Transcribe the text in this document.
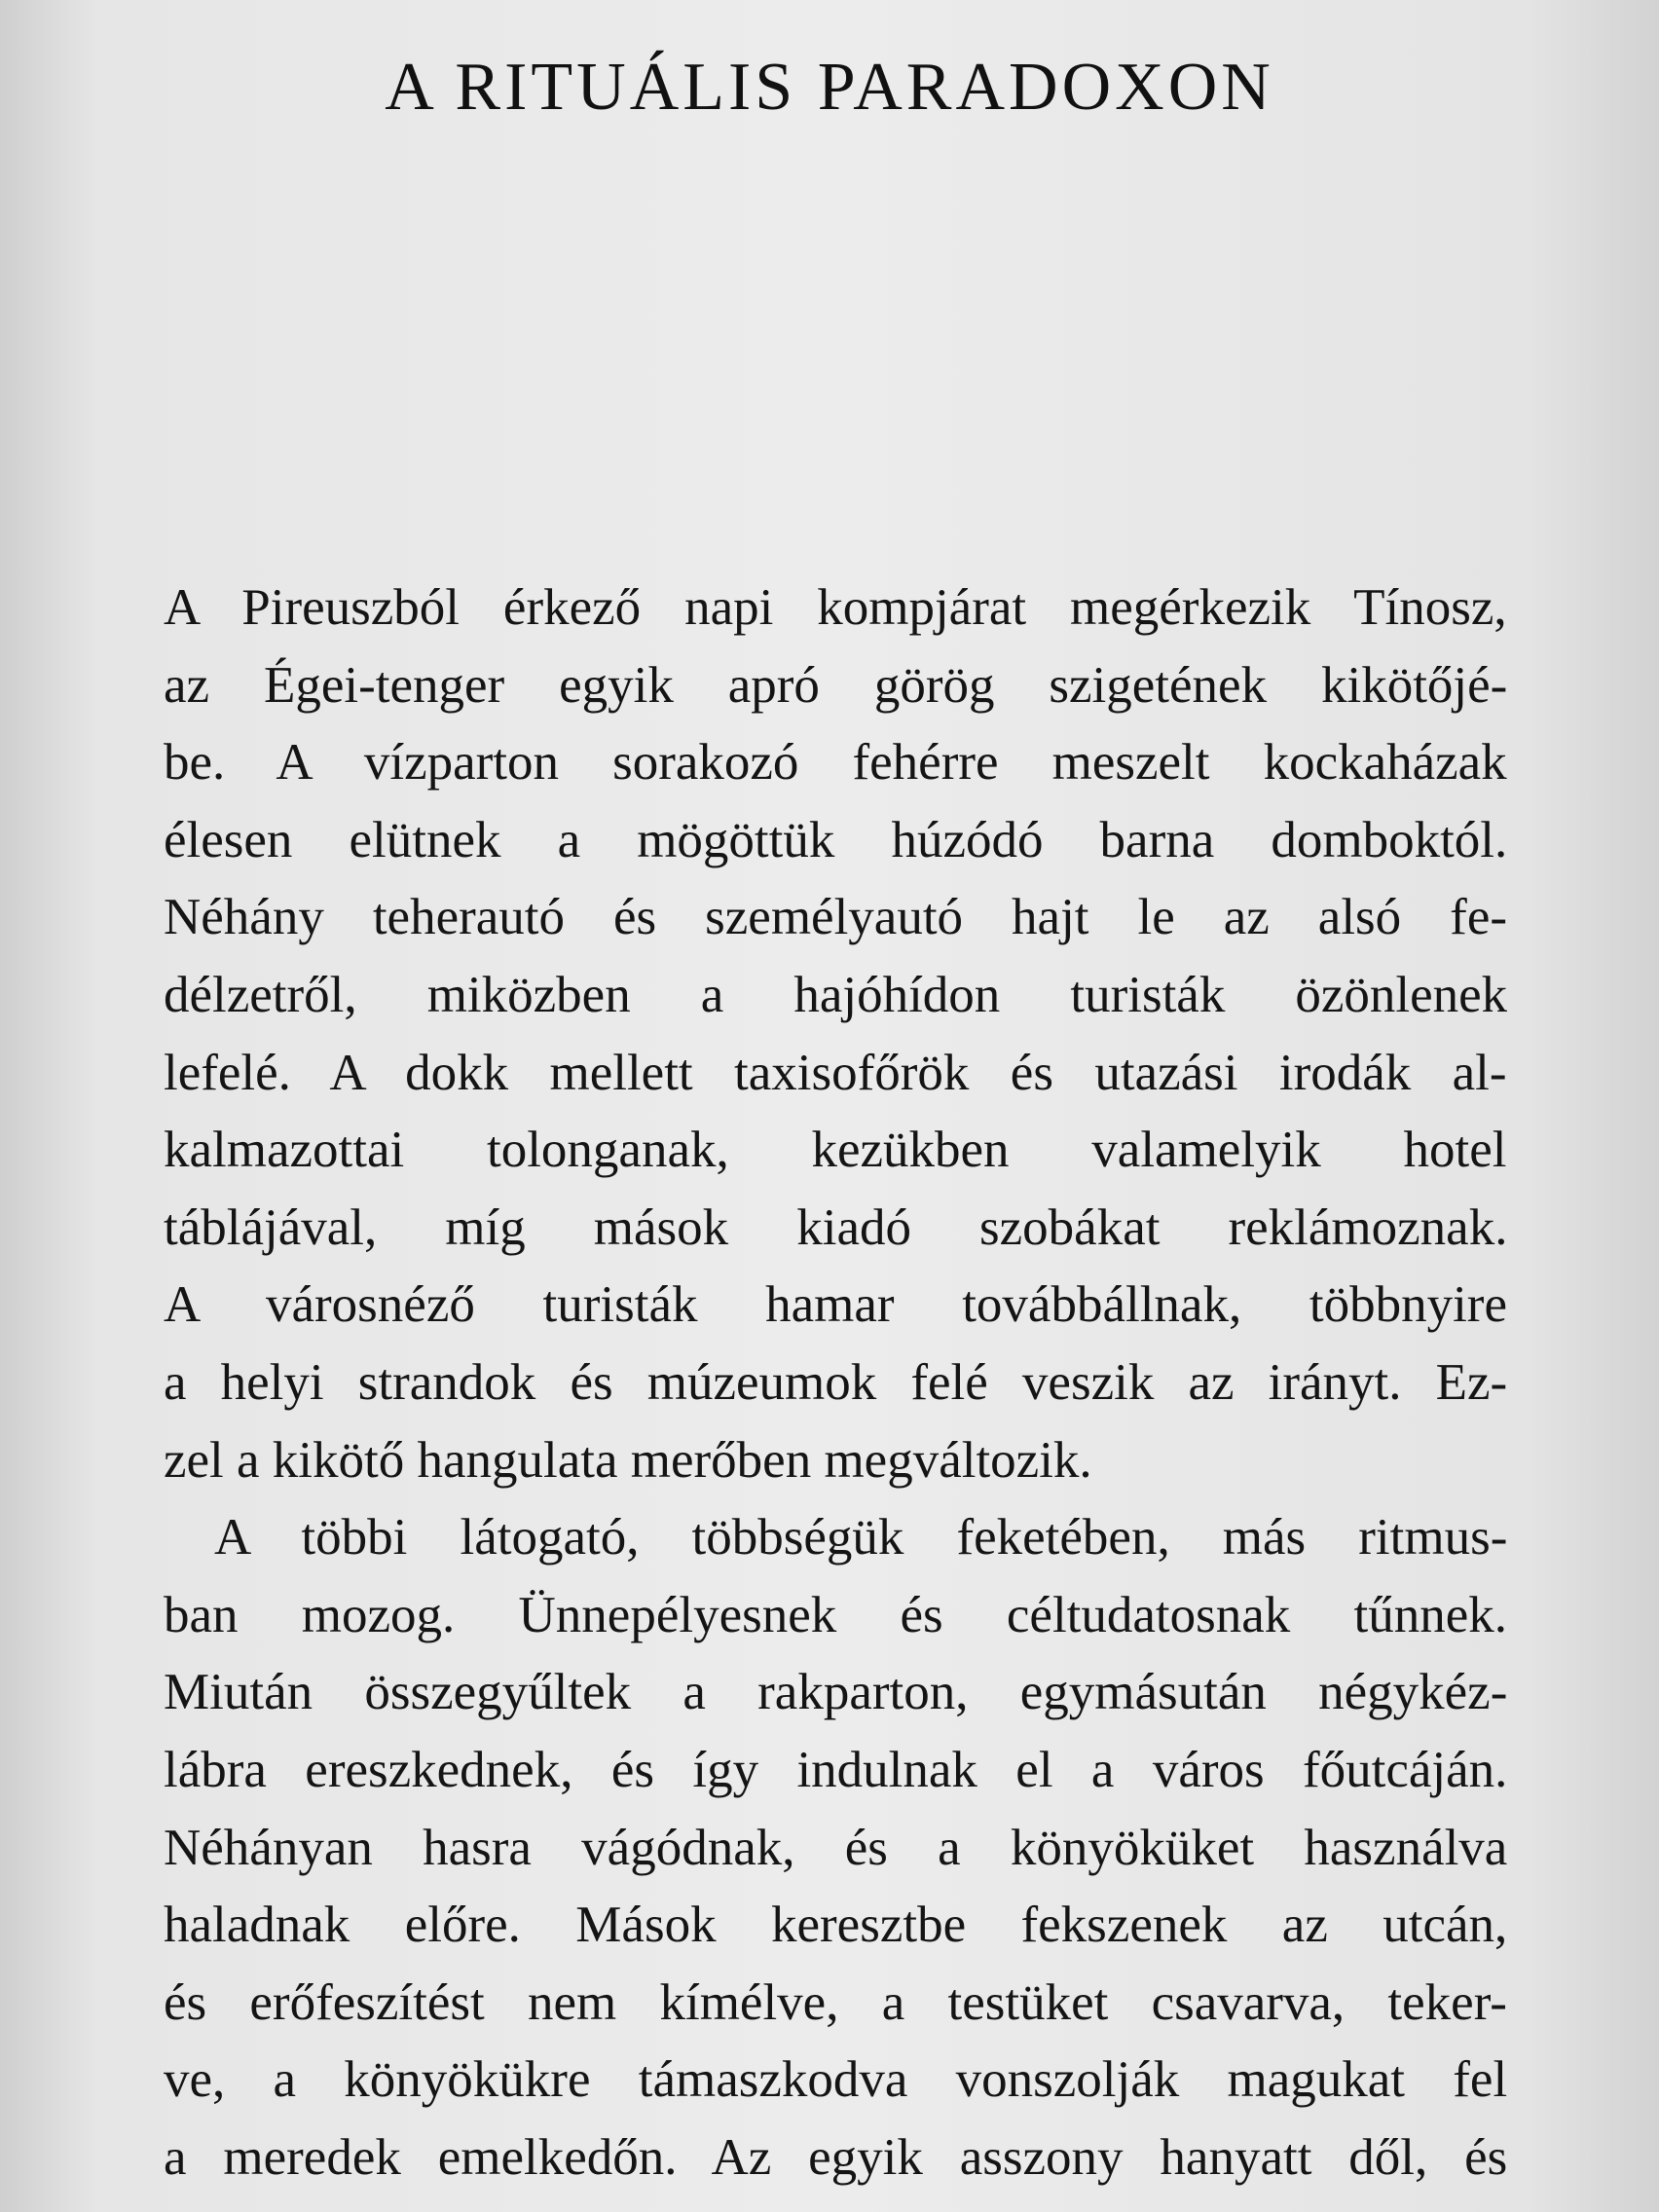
A RITUÁLIS PARADOXON
A Pireuszból érkező napi kompjárat megérkezik Tínosz,
az Égei-tenger egyik apró görög szigetének kikötőjé-
be. A vízparton sorakozó fehérre meszelt kockaházak
élesen elütnek a mögöttük húzódó barna domboktól.
Néhány teherautó és személyautó hajt le az alsó fe-
délzetről, miközben a hajóhídon turisták özönlenek
lefelé. A dokk mellett taxisofőrök és utazási irodák al-
kalmazottai tolonganak, kezükben valamelyik hotel
táblájával, míg mások kiadó szobákat reklámoznak.
A városnéző turisták hamar továbbállnak, többnyire
a helyi strandok és múzeumok felé veszik az irányt. Ez-
zel a kikötő hangulata merőben megváltozik.
A többi látogató, többségük feketében, más ritmus-
ban mozog. Ünnepélyesnek és céltudatosnak tűnnek.
Miután összegyűltek a rakparton, egymásután négykéz-
lábra ereszkednek, és így indulnak el a város főutcáján.
Néhányan hasra vágódnak, és a könyöküket használva
haladnak előre. Mások keresztbe fekszenek az utcán,
és erőfeszítést nem kímélve, a testüket csavarva, teker-
ve, a könyökükre támaszkodva vonszolják magukat fel
a meredek emelkedőn. Az egyik asszony hanyatt dől, és
